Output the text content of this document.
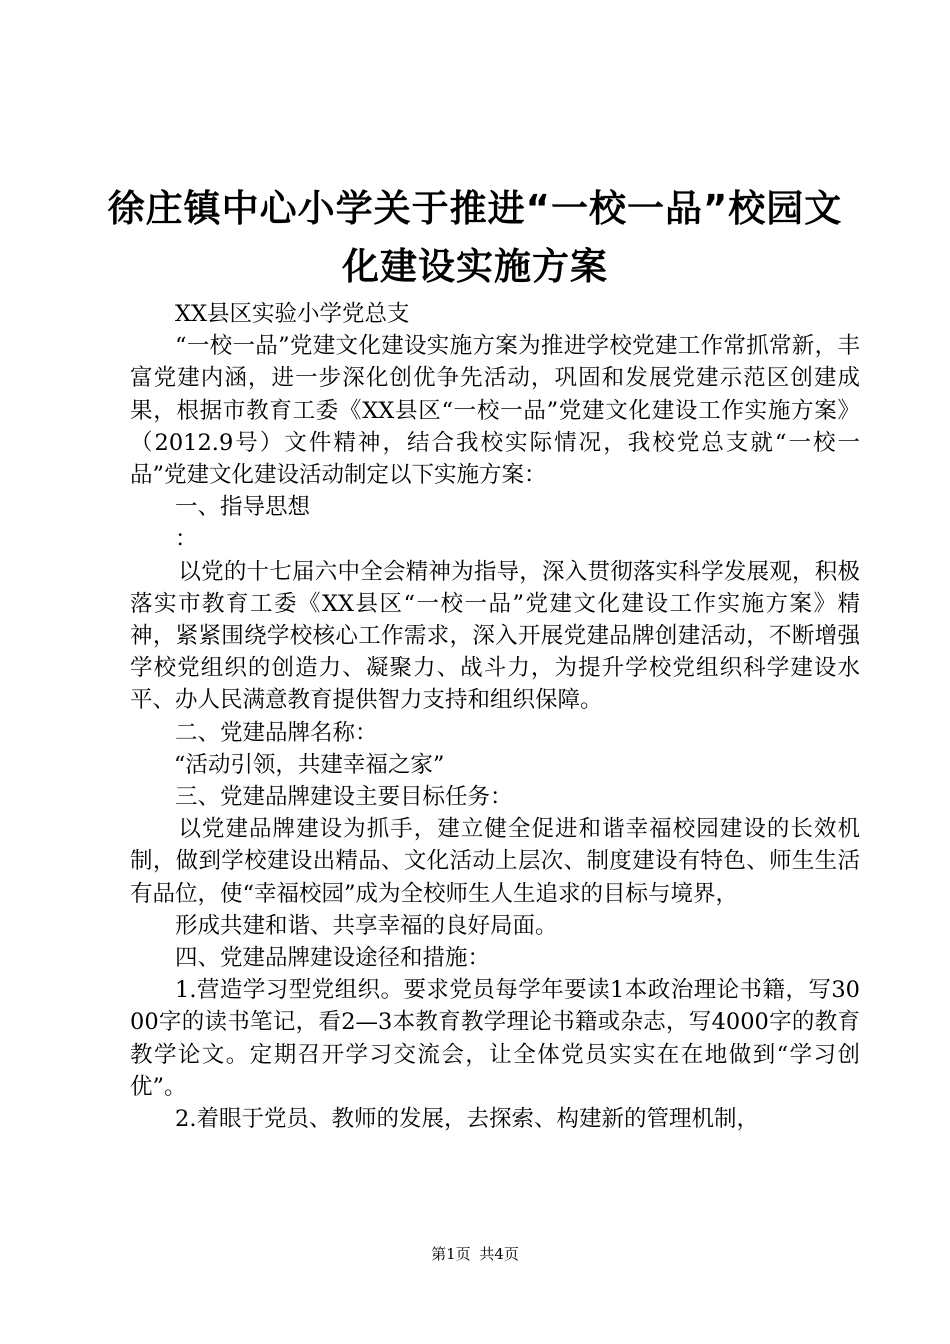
徐庄镇中心小学关于推进“一校一品”校园文
化建设实施方案

XX县区实验小学党总支

“一校一品”党建文化建设实施方案为推进学校党建工作常抓常新，丰富党建内涵，进一步深化创优争先活动，巩固和发展党建示范区创建成果，根据市教育工委《XX县区“一校一品”党建文化建设工作实施方案》（2012.9号）文件精神，结合我校实际情况，我校党总支就“一校一品”党建文化建设活动制定以下实施方案：

一、指导思想

：

以党的十七届六中全会精神为指导，深入贯彻落实科学发展观，积极落实市教育工委《XX县区“一校一品”党建文化建设工作实施方案》精神，紧紧围绕学校核心工作需求，深入开展党建品牌创建活动，不断增强学校党组织的创造力、凝聚力、战斗力，为提升学校党组织科学建设水平、办人民满意教育提供智力支持和组织保障。

二、党建品牌名称：

“活动引领，共建幸福之家”

三、党建品牌建设主要目标任务：

以党建品牌建设为抓手，建立健全促进和谐幸福校园建设的长效机制，做到学校建设出精品、文化活动上层次、制度建设有特色、师生生活有品位，使“幸福校园”成为全校师生人生追求的目标与境界，

形成共建和谐、共享幸福的良好局面。

四、党建品牌建设途径和措施：

1.营造学习型党组织。要求党员每学年要读1本政治理论书籍，写3000字的读书笔记，看2—3本教育教学理论书籍或杂志，写4000字的教育教学论文。定期召开学习交流会，让全体党员实实在在地做到“学习创优”。

2.着眼于党员、教师的发展，去探索、构建新的管理机制，

第1页 共4页
